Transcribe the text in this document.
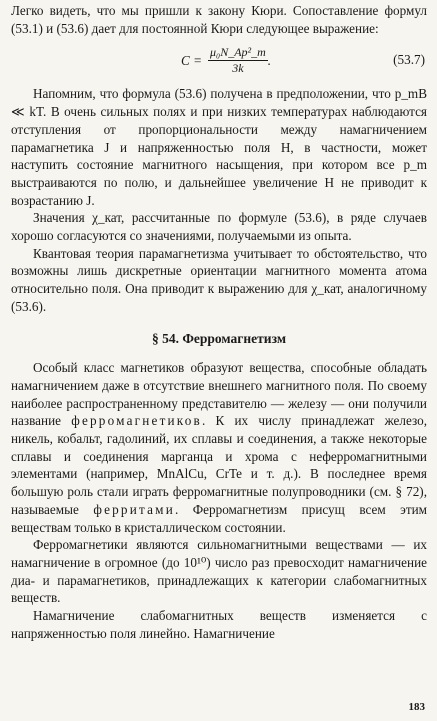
Легко видеть, что мы пришли к закону Кюри. Сопоставление формул (53.1) и (53.6) дает для постоянной Кюри следующее выражение:

$C = \frac{\text{μ₀N\_Ap²\_m}}{3k}$ .	(53.7)

Напомним, что формула (53.6) получена в предположении, что p_mB ≪ kT. В очень сильных полях и при низких температурах наблюдаются отступления от пропорциональности между намагничением парамагнетика J и напряженностью поля H, в частности, может наступить состояние магнитного насыщения, при котором все p_m выстраиваются по полю, и дальнейшее увеличение H не приводит к возрастанию J.

Значения χ_кат, рассчитанные по формуле (53.6), в ряде случаев хорошо согласуются со значениями, получаемыми из опыта.

Квантовая теория парамагнетизма учитывает то обстоятельство, что возможны лишь дискретные ориентации магнитного момента атома относительно поля. Она приводит к выражению для χ_кат, аналогичному (53.6).

§ 54. Ферромагнетизм

Особый класс магнетиков образуют вещества, способные обладать намагничением даже в отсутствие внешнего магнитного поля. По своему наиболее распространенному представителю — железу — они получили название ферромагнетиков. К их числу принадлежат железо, никель, кобальт, гадолиний, их сплавы и соединения, а также некоторые сплавы и соединения марганца и хрома с неферромагнитными элементами (например, MnAlCu, CrTe и т. д.). В последнее время большую роль стали играть ферромагнитные полупроводники (см. § 72), называемые ферритами. Ферромагнетизм присущ всем этим веществам только в кристаллическом состоянии.

Ферромагнетики являются сильномагнитными веществами — их намагничение в огромное (до 10¹⁰) число раз превосходит намагничение диа- и парамагнетиков, принадлежащих к категории слабомагнитных веществ.

Намагничение слабомагнитных веществ изменяется с напряженностью поля линейно. Намагничение

183
